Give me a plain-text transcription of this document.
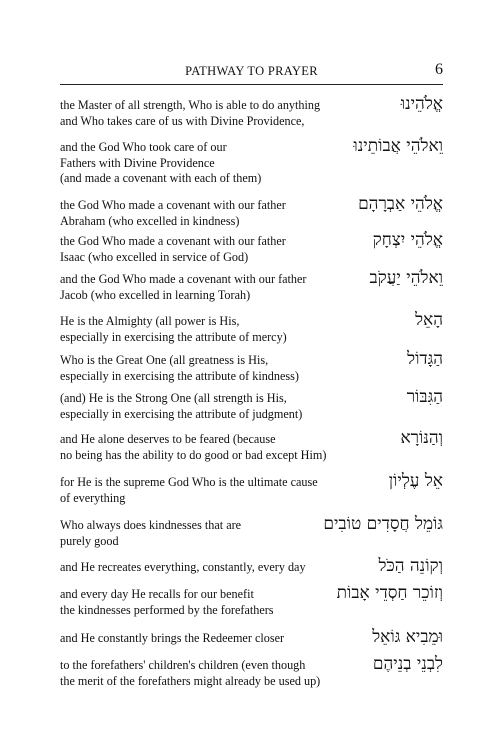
PATHWAY TO PRAYER	6
the Master of all strength, Who is able to do anything
and Who takes care of us with Divine Providence,
אֱלֹהֵינוּ
and the God Who took care of our
Fathers with Divine Providence
(and made a covenant with each of them)
וֵאלֹהֵי אֲבוֹתֵינוּ
the God Who made a covenant with our father
Abraham (who excelled in kindness)
אֱלֹהֵי אַבְרָהָם
the God Who made a covenant with our father
Isaac (who excelled in service of God)
אֱלֹהֵי יִצְחָק
and the God Who made a covenant with our father
Jacob (who excelled in learning Torah)
וֵאלֹהֵי יַעֲקֹב
He is the Almighty (all power is His,
especially in exercising the attribute of mercy)
הָאֵל
Who is the Great One (all greatness is His,
especially in exercising the attribute of kindness)
הַגָּדוֹל
(and) He is the Strong One (all strength is His,
especially in exercising the attribute of judgment)
הַגִּבּוֹר
and He alone deserves to be feared (because
no being has the ability to do good or bad except Him)
וְהַנּוֹרָא
for He is the supreme God Who is the ultimate cause
of everything
אֵל עֶלְיוֹן
Who always does kindnesses that are
purely good
גּוֹמֵל חֲסָדִים טוֹבִים
and He recreates everything, constantly, every day	וְקוֹנֵה הַכֹּל
and every day He recalls for our benefit
the kindnesses performed by the forefathers
וְזוֹכֵר חַסְדֵי אָבוֹת
and He constantly brings the Redeemer closer	וּמֵבִיא גּוֹאֵל
to the forefathers' children's children (even though
the merit of the forefathers might already be used up)
לִבְנֵי בְנֵיהֶם
